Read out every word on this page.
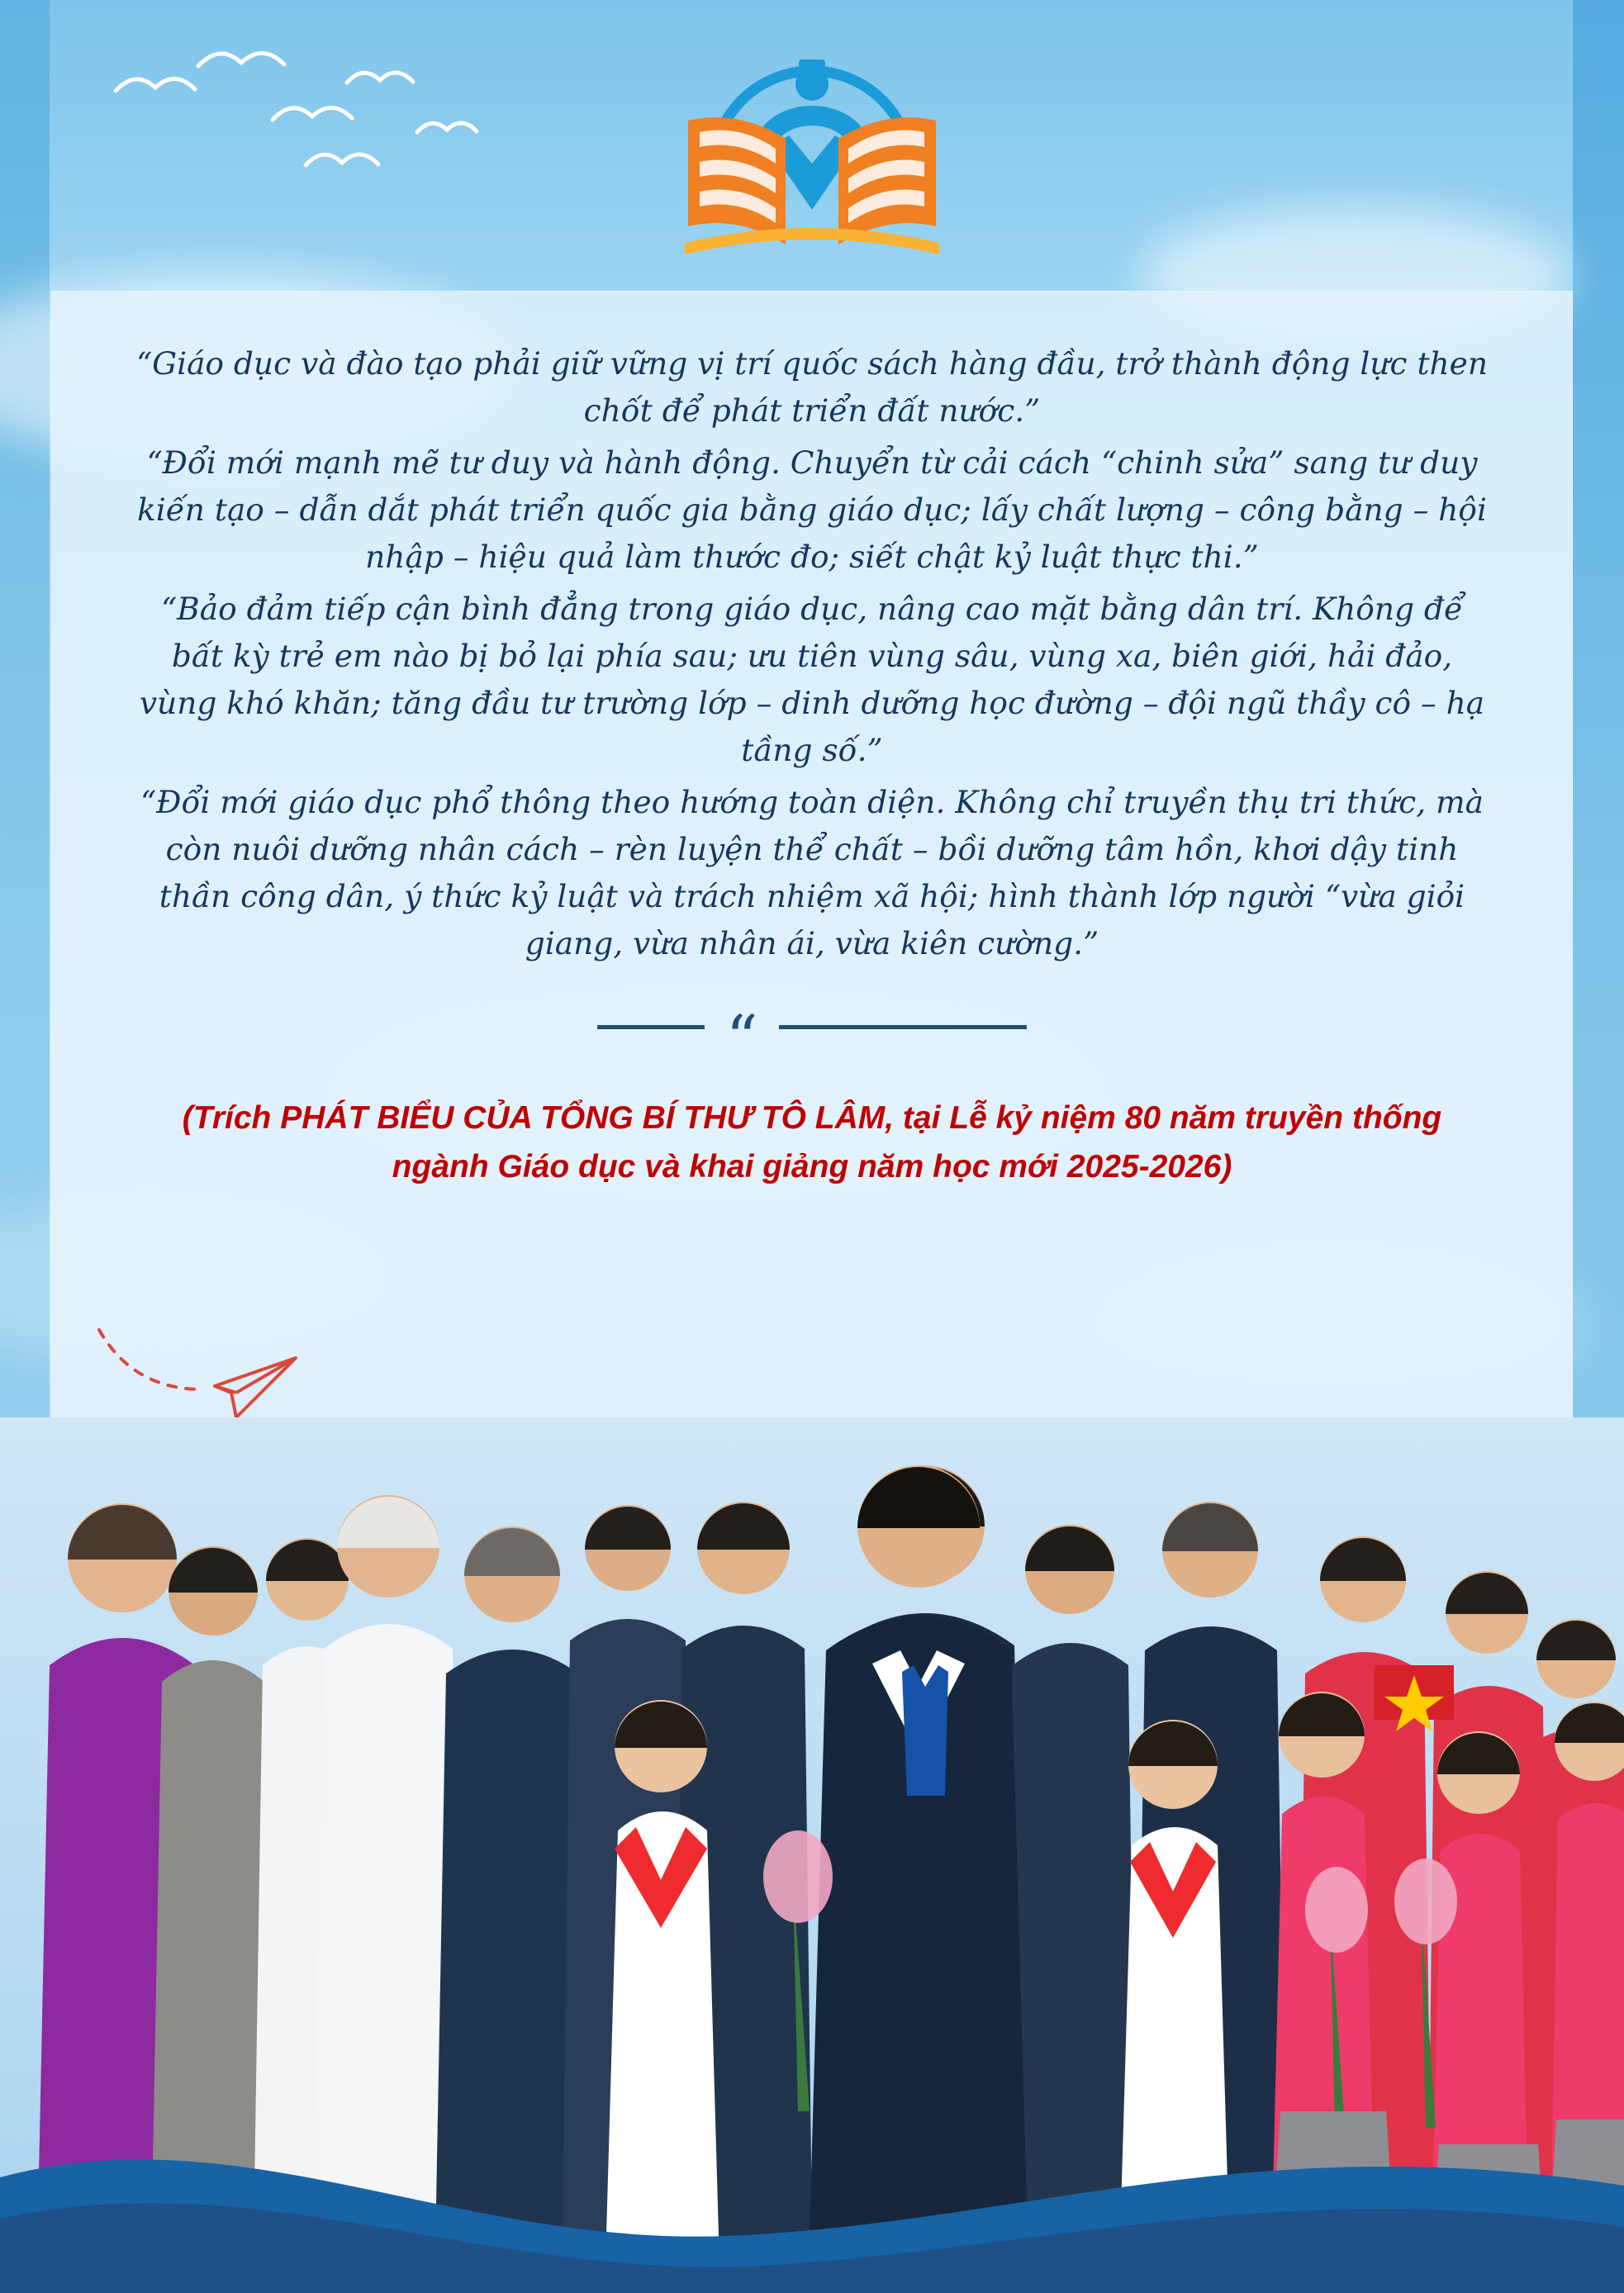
“Giáo dục và đào tạo phải giữ vững vị trí quốc sách hàng đầu, trở thành động lực then chốt để phát triển đất nước.”

“Đổi mới mạnh mẽ tư duy và hành động. Chuyển từ cải cách “chinh sửa” sang tư duy kiến tạo – dẫn dắt phát triển quốc gia bằng giáo dục; lấy chất lượng – công bằng – hội nhập – hiệu quả làm thước đo; siết chật kỷ luật thực thi.”

“Bảo đảm tiếp cận bình đẳng trong giáo dục, nâng cao mặt bằng dân trí. Không để bất kỳ trẻ em nào bị bỏ lại phía sau; ưu tiên vùng sâu, vùng xa, biên giới, hải đảo, vùng khó khăn; tăng đầu tư trường lớp – dinh dưỡng học đường – đội ngũ thầy cô – hạ tầng số.”

“Đổi mới giáo dục phổ thông theo hướng toàn diện. Không chỉ truyền thụ tri thức, mà còn nuôi dưỡng nhân cách – rèn luyện thể chất – bồi dưỡng tâm hồn, khơi dậy tinh thần công dân, ý thức kỷ luật và trách nhiệm xã hội; hình thành lớp người “vừa giỏi giang, vừa nhân ái, vừa kiên cường.”

“
(Trích PHÁT BIỂU CỦA TỔNG BÍ THƯ TÔ LÂM, tại Lễ kỷ niệm 80 năm truyền thống
ngành Giáo dục và khai giảng năm học mới 2025-2026)
